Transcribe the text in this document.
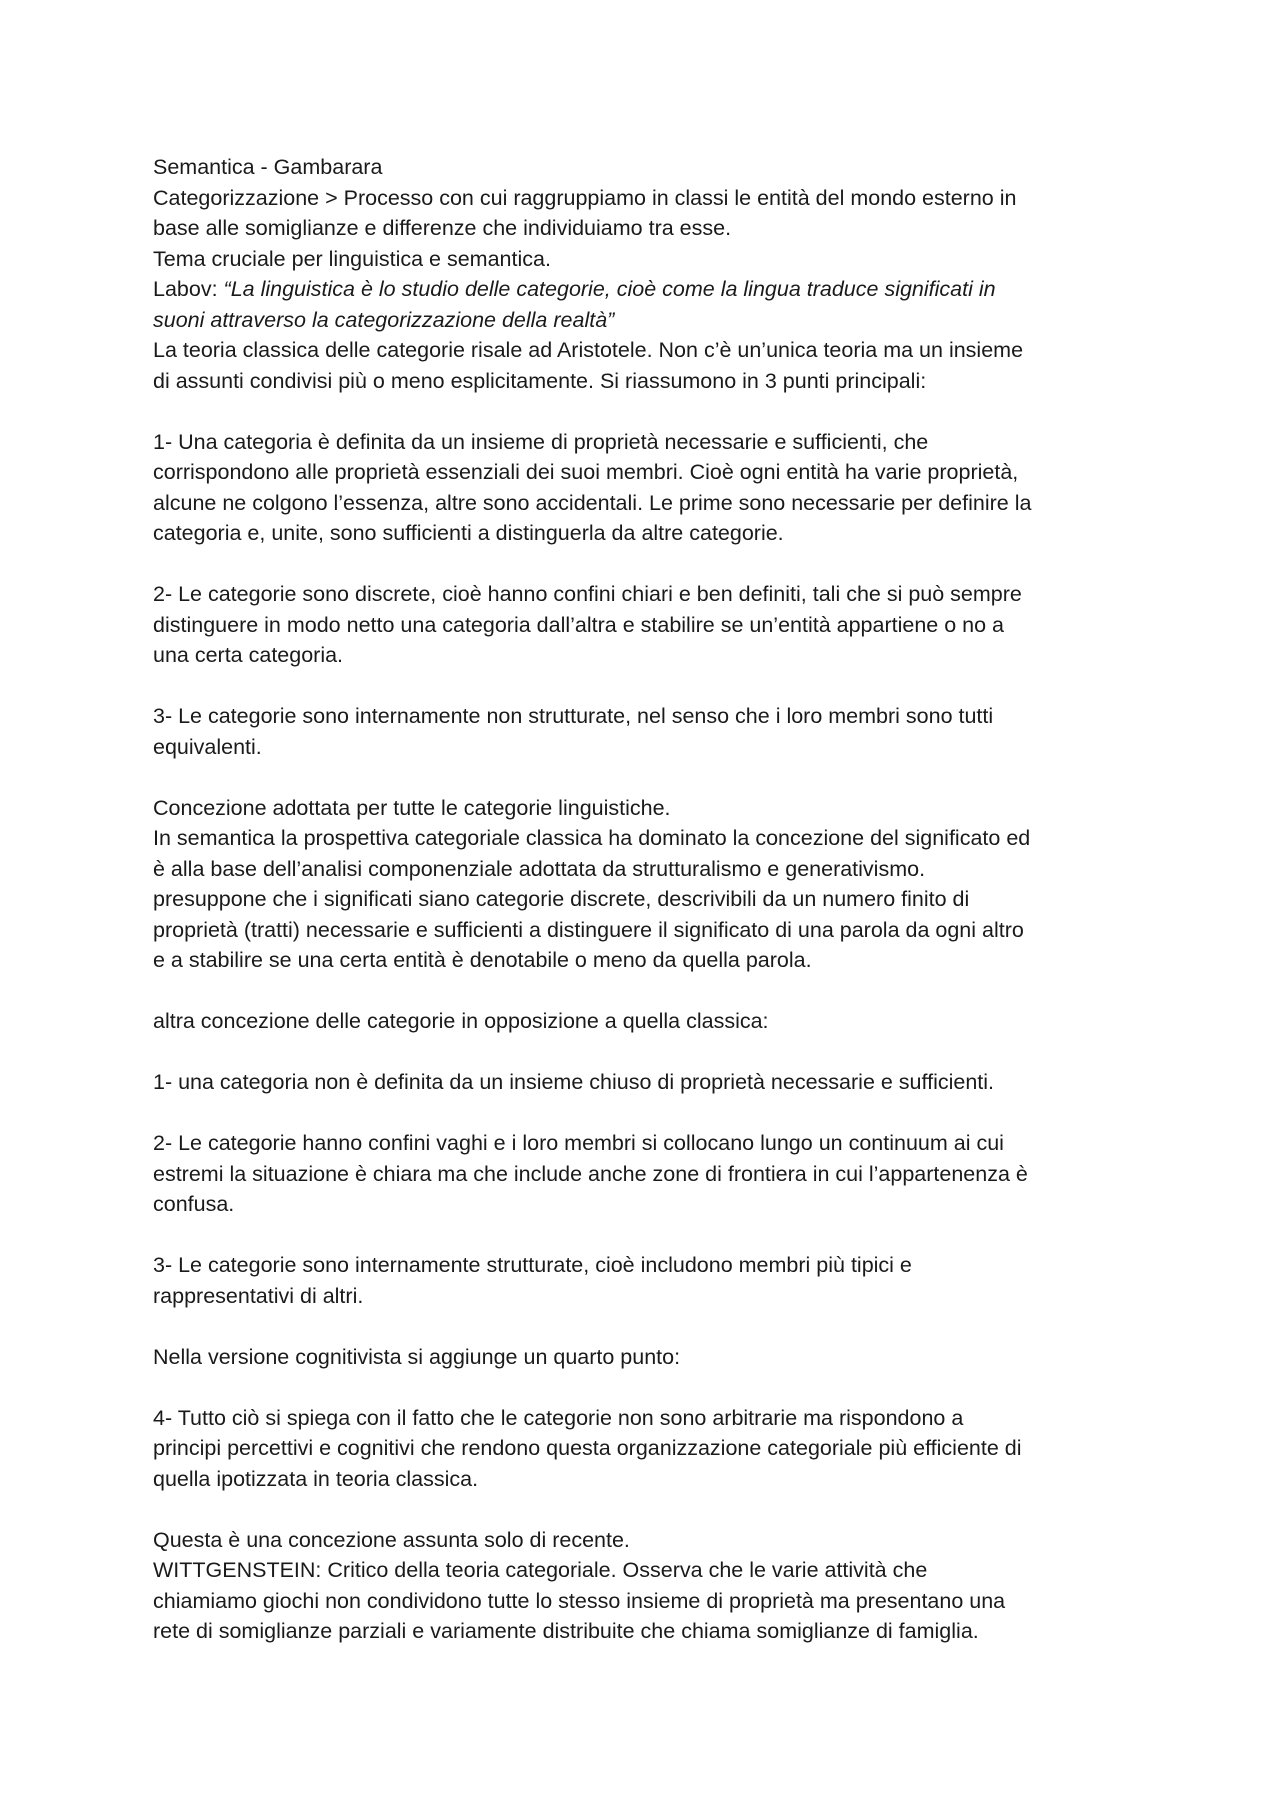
Semantica - Gambarara
Categorizzazione > Processo con cui raggruppiamo in classi le entità del mondo esterno in
base alle somiglianze e differenze che individuiamo tra esse.
Tema cruciale per linguistica e semantica.
Labov: “La linguistica è lo studio delle categorie, cioè come la lingua traduce significati in
suoni attraverso la categorizzazione della realtà”
La teoria classica delle categorie risale ad Aristotele. Non c’è un’unica teoria ma un insieme
di assunti condivisi più o meno esplicitamente. Si riassumono in 3 punti principali:
1- Una categoria è definita da un insieme di proprietà necessarie e sufficienti, che
corrispondono alle proprietà essenziali dei suoi membri. Cioè ogni entità ha varie proprietà,
alcune ne colgono l’essenza, altre sono accidentali. Le prime sono necessarie per definire la
categoria e, unite, sono sufficienti a distinguerla da altre categorie.
2- Le categorie sono discrete, cioè hanno confini chiari e ben definiti, tali che si può sempre
distinguere in modo netto una categoria dall’altra e stabilire se un’entità appartiene o no a
una certa categoria.
3- Le categorie sono internamente non strutturate, nel senso che i loro membri sono tutti
equivalenti.
Concezione adottata per tutte le categorie linguistiche.
In semantica la prospettiva categoriale classica ha dominato la concezione del significato ed
è alla base dell’analisi componenziale adottata da strutturalismo e generativismo.
presuppone che i significati siano categorie discrete, descrivibili da un numero finito di
proprietà (tratti) necessarie e sufficienti a distinguere il significato di una parola da ogni altro
e a stabilire se una certa entità è denotabile o meno da quella parola.
altra concezione delle categorie in opposizione a quella classica:
1- una categoria non è definita da un insieme chiuso di proprietà necessarie e sufficienti.
2- Le categorie hanno confini vaghi e i loro membri si collocano lungo un continuum ai cui
estremi la situazione è chiara ma che include anche zone di frontiera in cui l’appartenenza è
confusa.
3- Le categorie sono internamente strutturate, cioè includono membri più tipici e
rappresentativi di altri.
Nella versione cognitivista si aggiunge un quarto punto:
4- Tutto ciò si spiega con il fatto che le categorie non sono arbitrarie ma rispondono a
principi percettivi e cognitivi che rendono questa organizzazione categoriale più efficiente di
quella ipotizzata in teoria classica.
Questa è una concezione assunta solo di recente.
WITTGENSTEIN: Critico della teoria categoriale. Osserva che le varie attività che
chiamiamo giochi non condividono tutte lo stesso insieme di proprietà ma presentano una
rete di somiglianze parziali e variamente distribuite che chiama somiglianze di famiglia.
